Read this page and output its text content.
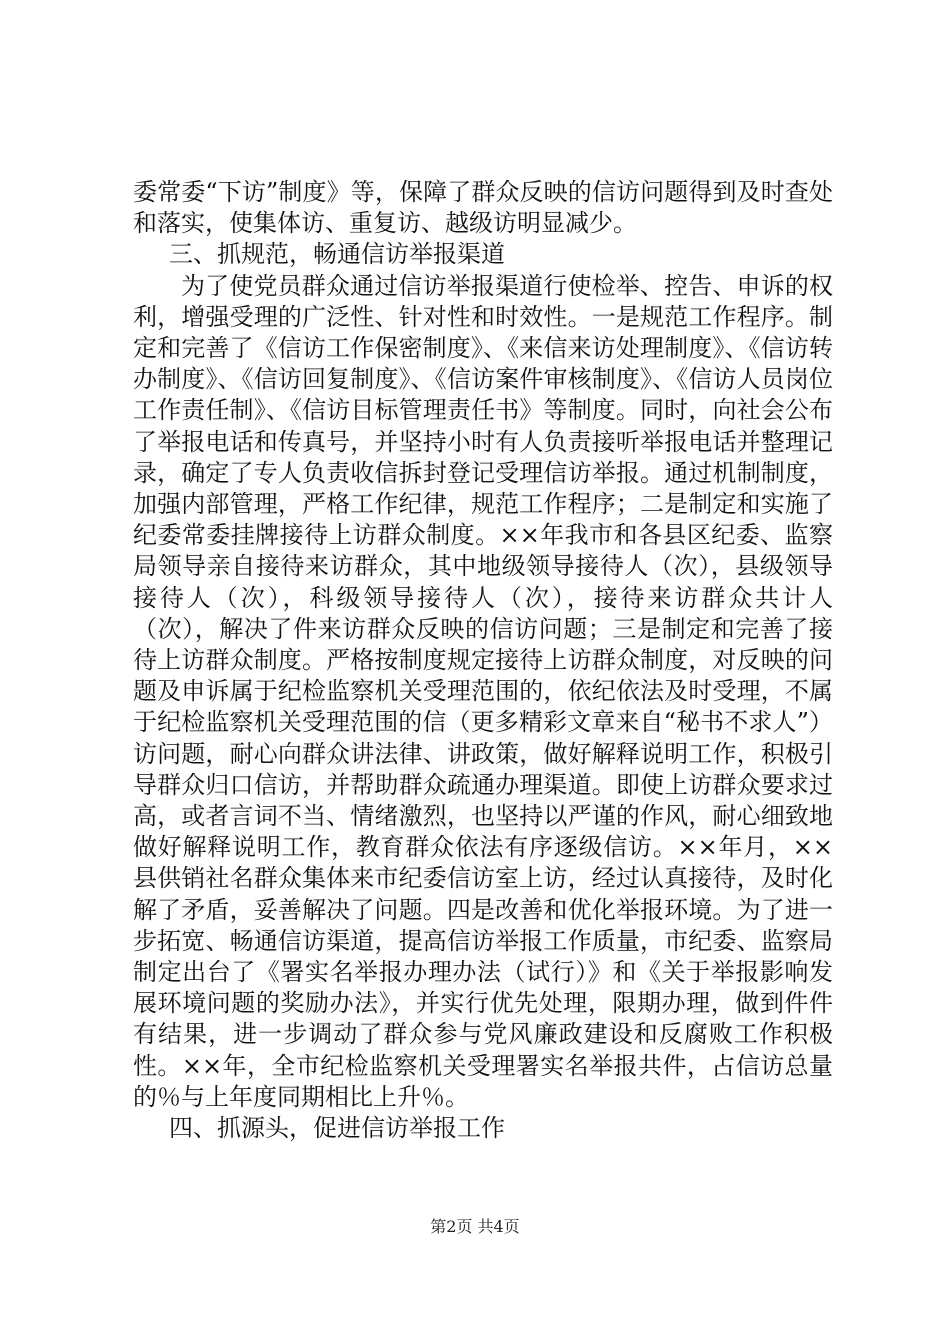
委常委“下访”制度》等，保障了群众反映的信访问题得到及时查处和落实，使集体访、重复访、越级访明显减少。

三、抓规范，畅通信访举报渠道

为了使党员群众通过信访举报渠道行使检举、控告、申诉的权利，增强受理的广泛性、针对性和时效性。一是规范工作程序。制定和完善了《信访工作保密制度》、《来信来访处理制度》、《信访转办制度》、《信访回复制度》、《信访案件审核制度》、《信访人员岗位工作责任制》、《信访目标管理责任书》等制度。同时，向社会公布了举报电话和传真号，并坚持小时有人负责接听举报电话并整理记录，确定了专人负责收信拆封登记受理信访举报。通过机制制度，加强内部管理，严格工作纪律，规范工作程序；二是制定和实施了纪委常委挂牌接待上访群众制度。××年我市和各县区纪委、监察局领导亲自接待来访群众，其中地级领导接待人（次），县级领导接待人（次），科级领导接待人（次），接待来访群众共计人（次），解决了件来访群众反映的信访问题；三是制定和完善了接待上访群众制度。严格按制度规定接待上访群众制度，对反映的问题及申诉属于纪检监察机关受理范围的，依纪依法及时受理，不属于纪检监察机关受理范围的信（更多精彩文章来自“秘书不求人”）访问题，耐心向群众讲法律、讲政策，做好解释说明工作，积极引导群众归口信访，并帮助群众疏通办理渠道。即使上访群众要求过高，或者言词不当、情绪激烈，也坚持以严谨的作风，耐心细致地做好解释说明工作，教育群众依法有序逐级信访。××年月，××县供销社名群众集体来市纪委信访室上访，经过认真接待，及时化解了矛盾，妥善解决了问题。四是改善和优化举报环境。为了进一步拓宽、畅通信访渠道，提高信访举报工作质量，市纪委、监察局制定出台了《署实名举报办理办法（试行）》和《关于举报影响发展环境问题的奖励办法》，并实行优先处理，限期办理，做到件件有结果，进一步调动了群众参与党风廉政建设和反腐败工作积极性。××年，全市纪检监察机关受理署实名举报共件，占信访总量的％与上年度同期相比上升％。

四、抓源头，促进信访举报工作

第2页 共4页
